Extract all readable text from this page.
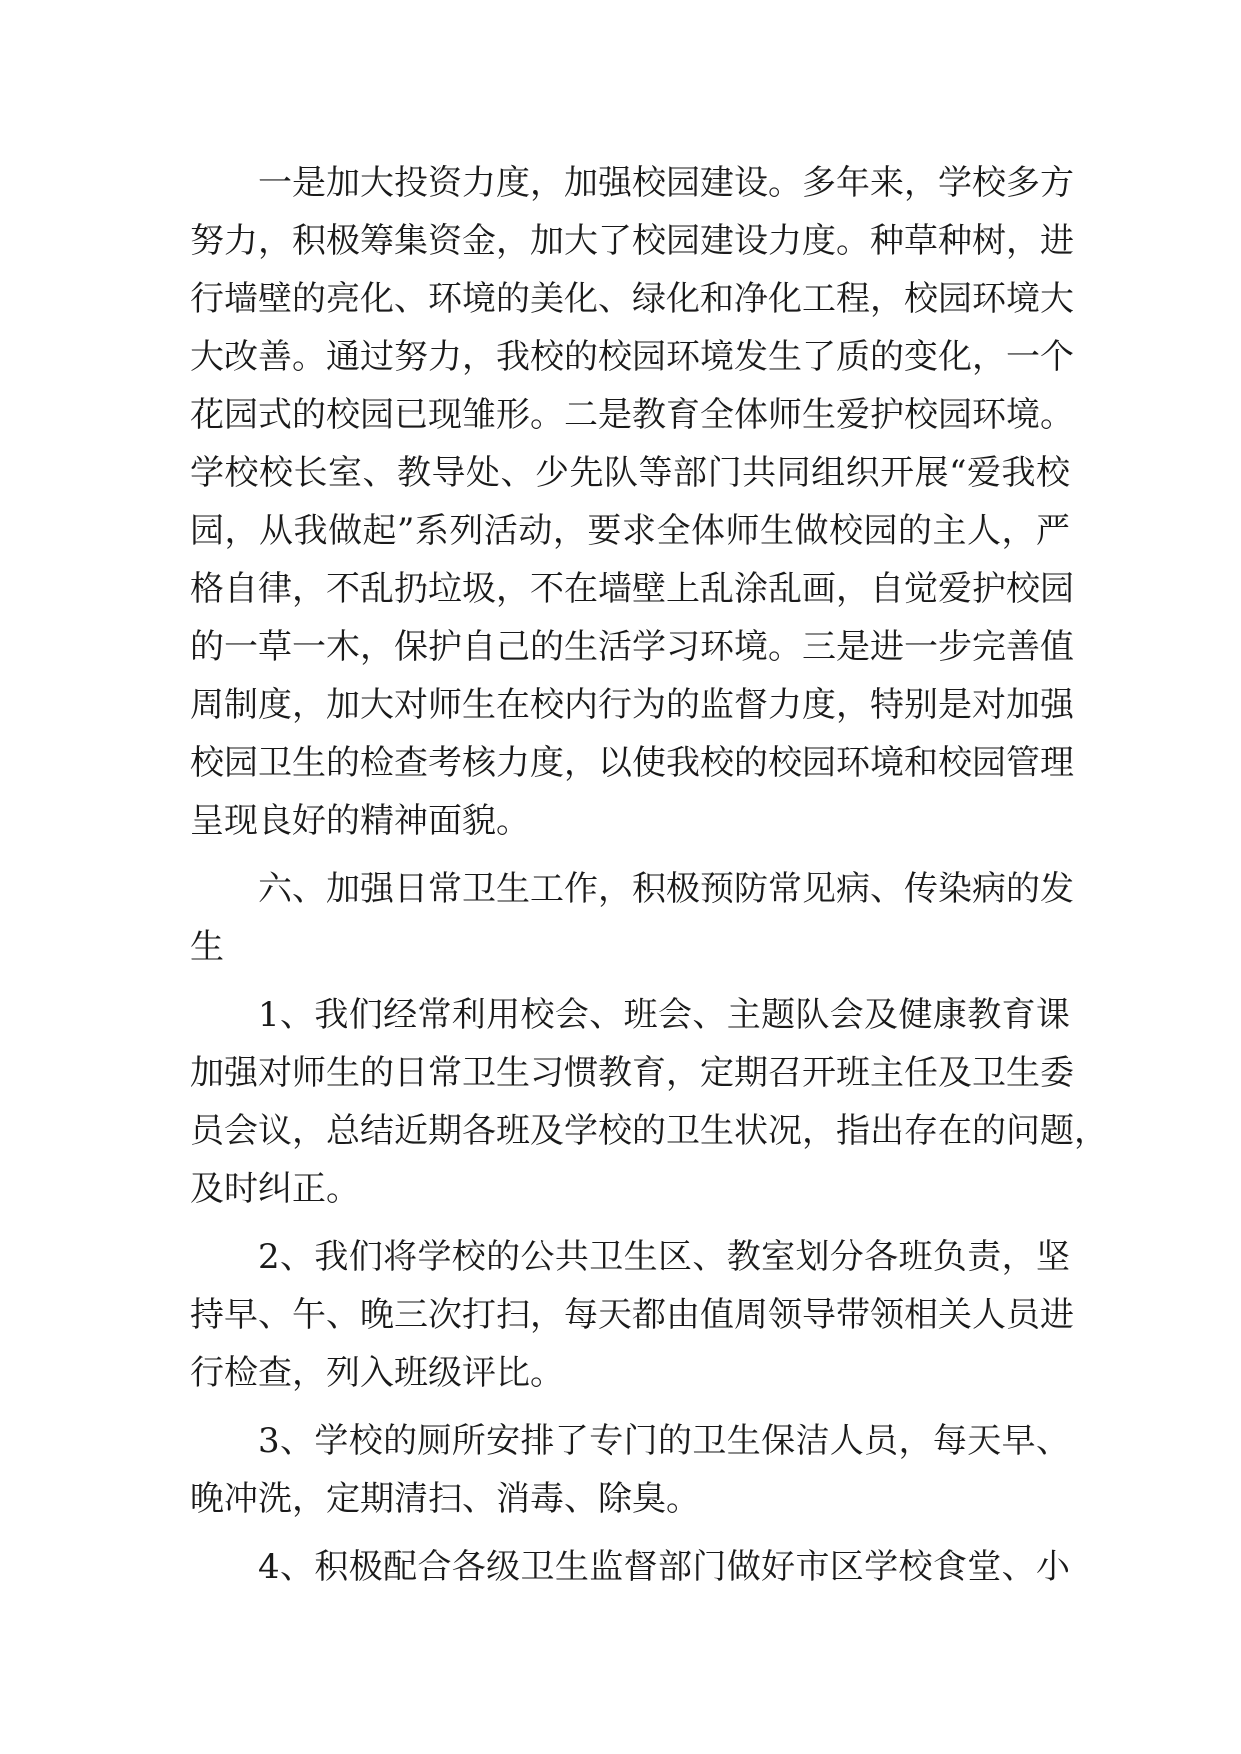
一是加大投资力度，加强校园建设。多年来，学校多方
努力，积极筹集资金，加大了校园建设力度。种草种树，进
行墙壁的亮化、环境的美化、绿化和净化工程，校园环境大
大改善。通过努力，我校的校园环境发生了质的变化，一个
花园式的校园已现雏形。二是教育全体师生爱护校园环境。
学校校长室、教导处、少先队等部门共同组织开展“爱我校
园，从我做起”系列活动，要求全体师生做校园的主人，严
格自律，不乱扔垃圾，不在墙壁上乱涂乱画，自觉爱护校园
的一草一木，保护自己的生活学习环境。三是进一步完善值
周制度，加大对师生在校内行为的监督力度，特别是对加强
校园卫生的检查考核力度，以使我校的校园环境和校园管理
呈现良好的精神面貌。
六、加强日常卫生工作，积极预防常见病、传染病的发
生
1、我们经常利用校会、班会、主题队会及健康教育课
加强对师生的日常卫生习惯教育，定期召开班主任及卫生委
员会议，总结近期各班及学校的卫生状况，指出存在的问题，
及时纠正。
2、我们将学校的公共卫生区、教室划分各班负责，坚
持早、午、晚三次打扫，每天都由值周领导带领相关人员进
行检查，列入班级评比。
3、学校的厕所安排了专门的卫生保洁人员，每天早、
晚冲洗，定期清扫、消毒、除臭。
4、积极配合各级卫生监督部门做好市区学校食堂、小
